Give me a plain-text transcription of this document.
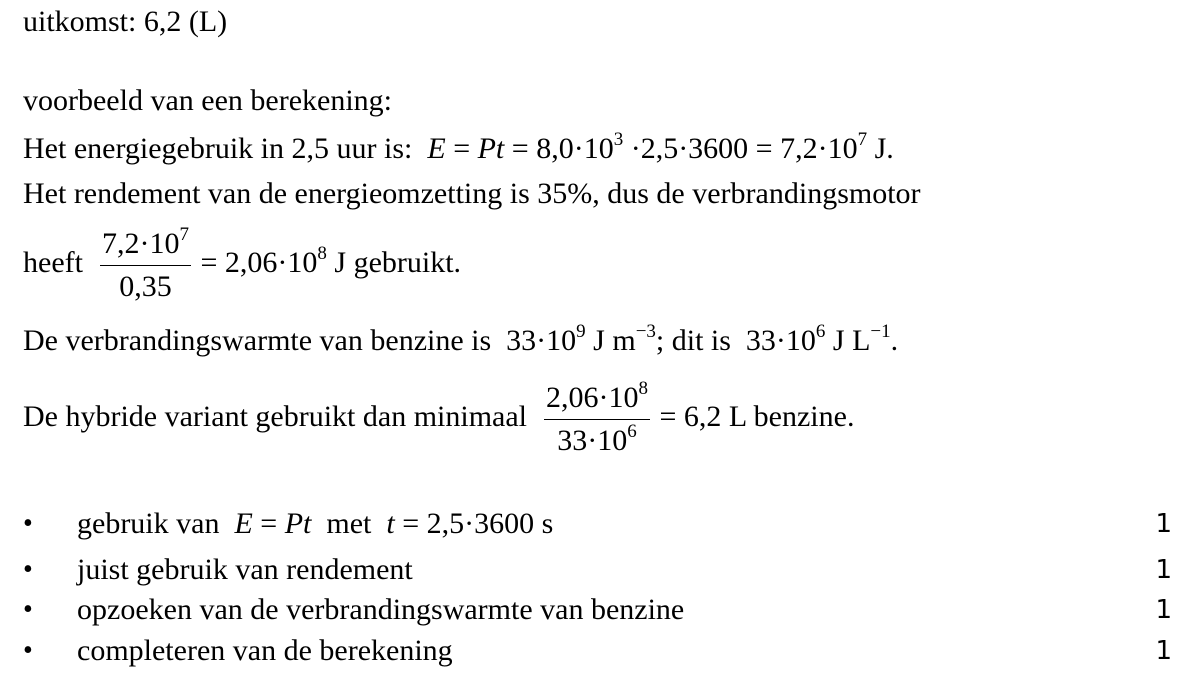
uitkomst: 6,2 (L)
voorbeeld van een berekening:
Het energiegebruik in 2,5 uur is: $E = Pt = 8,0\cdot 10^3 \cdot 2,5\cdot 3600 = 7,2\cdot 10^7$ J.
Het rendement van de energieomzetting is 35%, dus de verbrandingsmotor
heeft $\frac{7,2\cdot 10^7}{0,35} = 2,06\cdot 10^8$ J gebruikt.
De verbrandingswarmte van benzine is $33\cdot 10^9$ J $m^{-3}$; dit is $33\cdot 10^6$ J $L^{-1}$.
De hybride variant gebruikt dan minimaal $\frac{2,06\cdot 10^8}{33\cdot 10^6} = 6,2$ L benzine.
• gebruik van E = Pt met t = 2,5·3600 s	1
• juist gebruik van rendement	1
• opzoeken van de verbrandingswarmte van benzine	1
• completeren van de berekening	1
